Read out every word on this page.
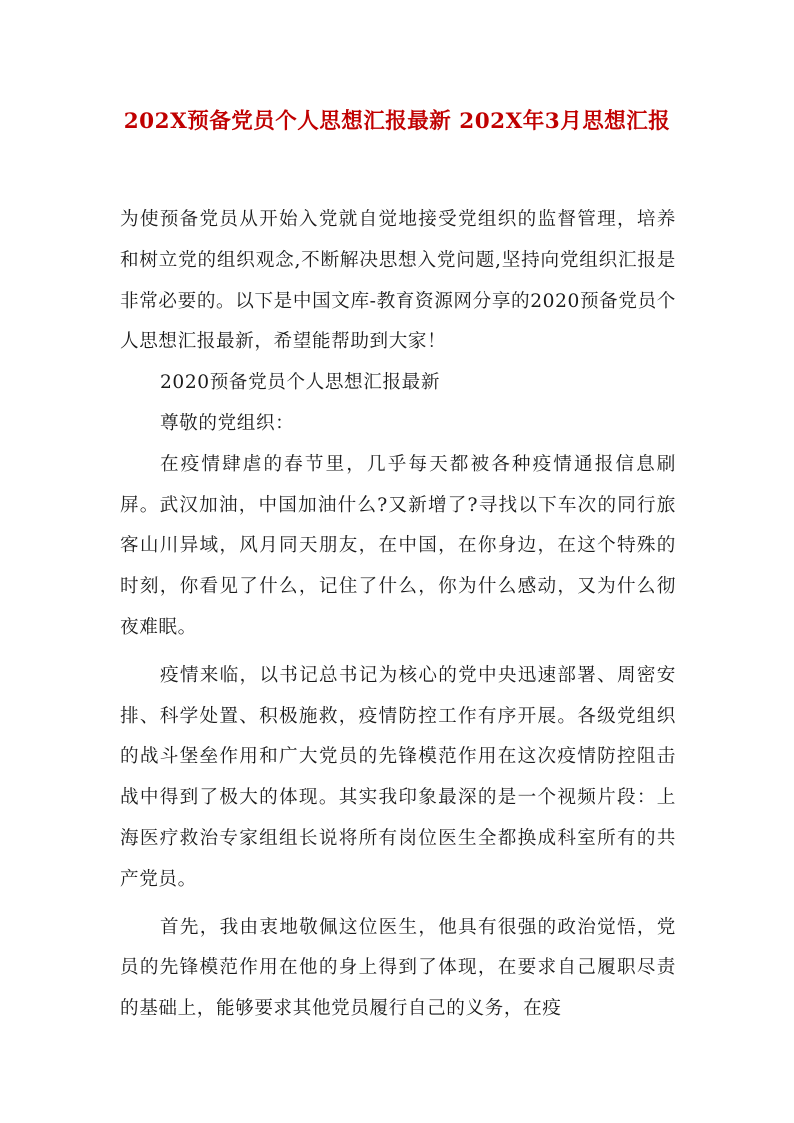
202X预备党员个人思想汇报最新 202X年3月思想汇报

为使预备党员从开始入党就自觉地接受党组织的监督管理，培养和树立党的组织观念,不断解决思想入党问题,坚持向党组织汇报是非常必要的。以下是中国文库-教育资源网分享的2020预备党员个人思想汇报最新，希望能帮助到大家！

2020预备党员个人思想汇报最新

尊敬的党组织：

在疫情肆虐的春节里，几乎每天都被各种疫情通报信息刷屏。武汉加油，中国加油什么?又新增了?寻找以下车次的同行旅客山川异域，风月同天朋友，在中国，在你身边，在这个特殊的时刻，你看见了什么，记住了什么，你为什么感动，又为什么彻夜难眠。

疫情来临，以书记总书记为核心的党中央迅速部署、周密安排、科学处置、积极施救，疫情防控工作有序开展。各级党组织的战斗堡垒作用和广大党员的先锋模范作用在这次疫情防控阻击战中得到了极大的体现。其实我印象最深的是一个视频片段：上海医疗救治专家组组长说将所有岗位医生全都换成科室所有的共产党员。

首先，我由衷地敬佩这位医生，他具有很强的政治觉悟，党员的先锋模范作用在他的身上得到了体现，在要求自己履职尽责的基础上，能够要求其他党员履行自己的义务，在疫
